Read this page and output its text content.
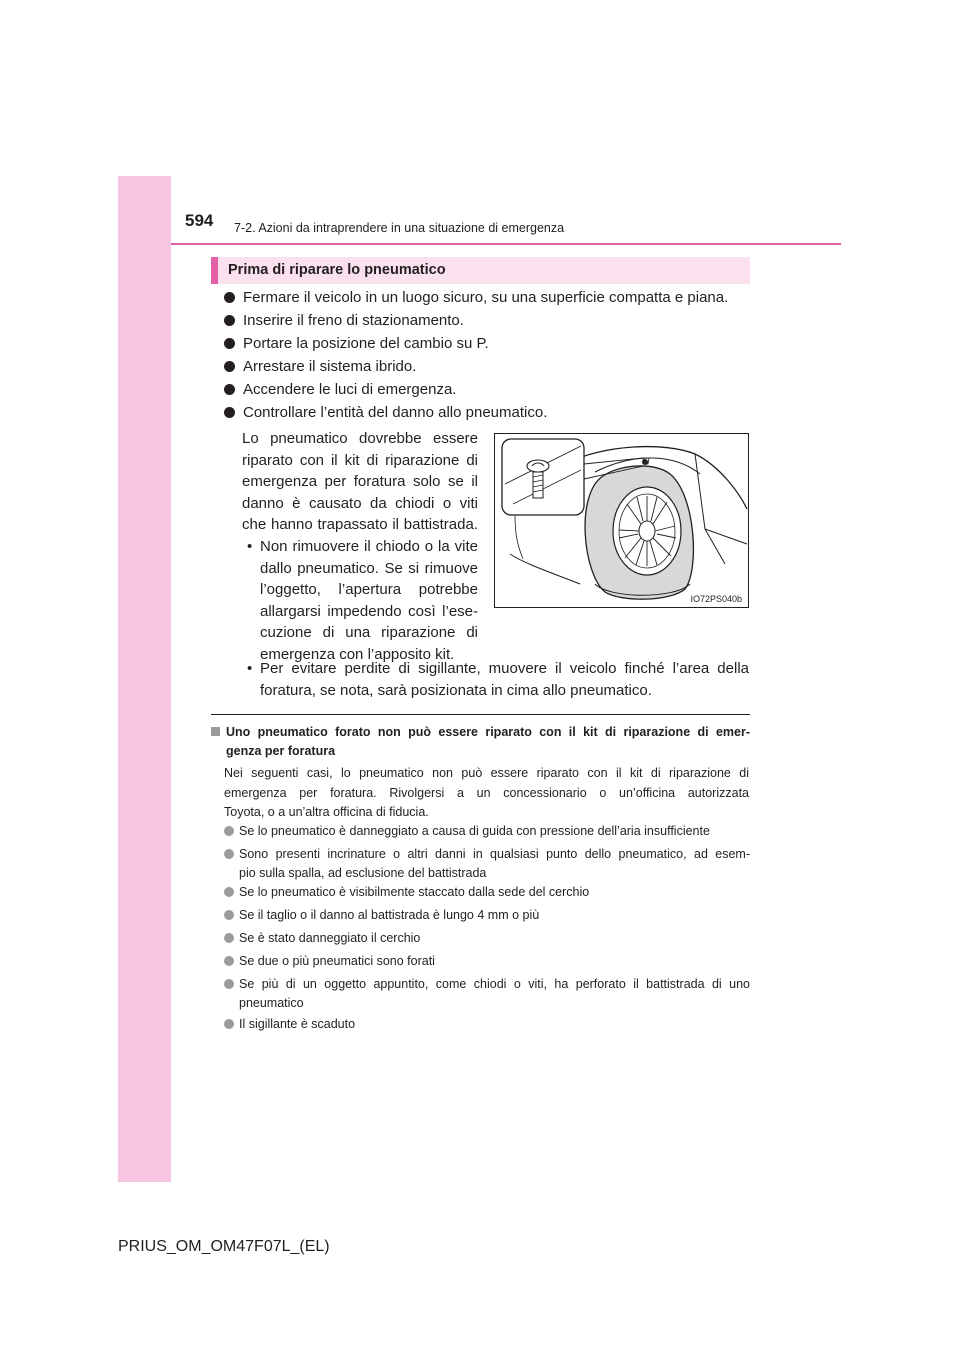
594 7-2. Azioni da intraprendere in una situazione di emergenza
Prima di riparare lo pneumatico
Fermare il veicolo in un luogo sicuro, su una superficie compatta e piana.
Inserire il freno di stazionamento.
Portare la posizione del cambio su P.
Arrestare il sistema ibrido.
Accendere le luci di emergenza.
Controllare l’entità del danno allo pneumatico.
Lo pneumatico dovrebbe essere
riparato con il kit di riparazione di
emergenza per foratura solo se il
danno è causato da chiodi o viti
che hanno trapassato il battistrada.
• Non rimuovere il chiodo o la vite
dallo pneumatico. Se si rimuove
l’oggetto, l’apertura potrebbe
allargarsi impedendo così l’ese-
cuzione di una riparazione di
emergenza con l’apposito kit.
• Per evitare perdite di sigillante, muovere il veicolo finché l’area della
foratura, se nota, sarà posizionata in cima allo pneumatico.
IO72PS040b
Uno pneumatico forato non può essere riparato con il kit di riparazione di emer-
genza per foratura
Nei seguenti casi, lo pneumatico non può essere riparato con il kit di riparazione di
emergenza per foratura. Rivolgersi a un concessionario o un’officina autorizzata
Toyota, o a un’altra officina di fiducia.
Se lo pneumatico è danneggiato a causa di guida con pressione dell’aria insufficiente
Sono presenti incrinature o altri danni in qualsiasi punto dello pneumatico, ad esem-
pio sulla spalla, ad esclusione del battistrada
Se lo pneumatico è visibilmente staccato dalla sede del cerchio
Se il taglio o il danno al battistrada è lungo 4 mm o più
Se è stato danneggiato il cerchio
Se due o più pneumatici sono forati
Se più di un oggetto appuntito, come chiodi o viti, ha perforato il battistrada di uno
pneumatico
Il sigillante è scaduto
PRIUS_OM_OM47F07L_(EL)
